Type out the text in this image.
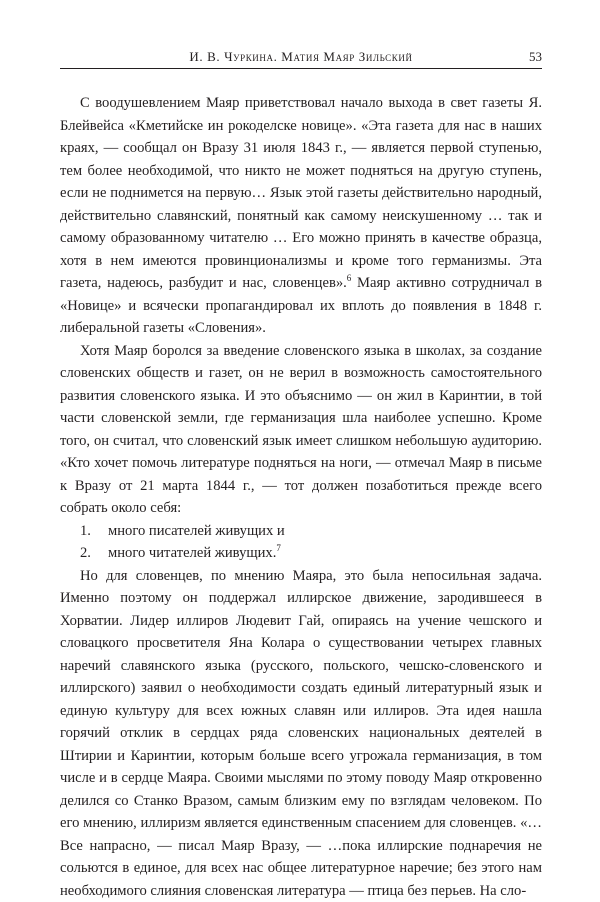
И. В. Чуркина. Матия Маяр Зильский	53

С воодушевлением Маяр приветствовал начало выхода в свет газеты Я. Блейвейса «Кметийске ин рокоделске новице». «Эта газета для нас в наших краях, — сообщал он Вразу 31 июля 1843 г., — является первой ступенью, тем более необходимой, что никто не может подняться на другую ступень, если не поднимется на первую… Язык этой газеты действительно народный, действительно славянский, понятный как самому неискушенному … так и самому образованному читателю … Его можно принять в качестве образца, хотя в нем имеются провинционализмы и кроме того германизмы. Эта газета, надеюсь, разбудит и нас, словенцев».$^6$ Маяр активно сотрудничал в «Новице» и всячески пропагандировал их вплоть до появления в 1848 г. либеральной газеты «Словения».

Хотя Маяр боролся за введение словенского языка в школах, за создание словенских обществ и газет, он не верил в возможность самостоятельного развития словенского языка. И это объяснимо — он жил в Каринтии, в той части словенской земли, где германизация шла наиболее успешно. Кроме того, он считал, что словенский язык имеет слишком небольшую аудиторию. «Кто хочет помочь литературе подняться на ноги, — отмечал Маяр в письме к Вразу от 21 марта 1844 г., — тот должен позаботиться прежде всего собрать около себя:

1.	много писателей живущих и
2.	много читателей живущих.$^7$

Но для словенцев, по мнению Маяра, это была непосильная задача. Именно поэтому он поддержал иллирское движение, зародившееся в Хорватии. Лидер иллиров Людевит Гай, опираясь на учение чешского и словацкого просветителя Яна Колара о существовании четырех главных наречий славянского языка (русского, польского, чешско-словенского и иллирского) заявил о необходимости создать единый литературный язык и единую культуру для всех южных славян или иллиров. Эта идея нашла горячий отклик в сердцах ряда словенских национальных деятелей в Штирии и Каринтии, которым больше всего угрожала германизация, в том числе и в сердце Маяра. Своими мыслями по этому поводу Маяр откровенно делился со Станко Вразом, самым близким ему по взглядам человеком. По его мнению, иллиризм является единственным спасением для словенцев. «…Все напрасно, — писал Маяр Вразу, — …пока иллирские поднаречия не сольются в единое, для всех нас общее литературное наречие; без этого нам необходимого слияния словенская литература — птица без перьев. На сло-
